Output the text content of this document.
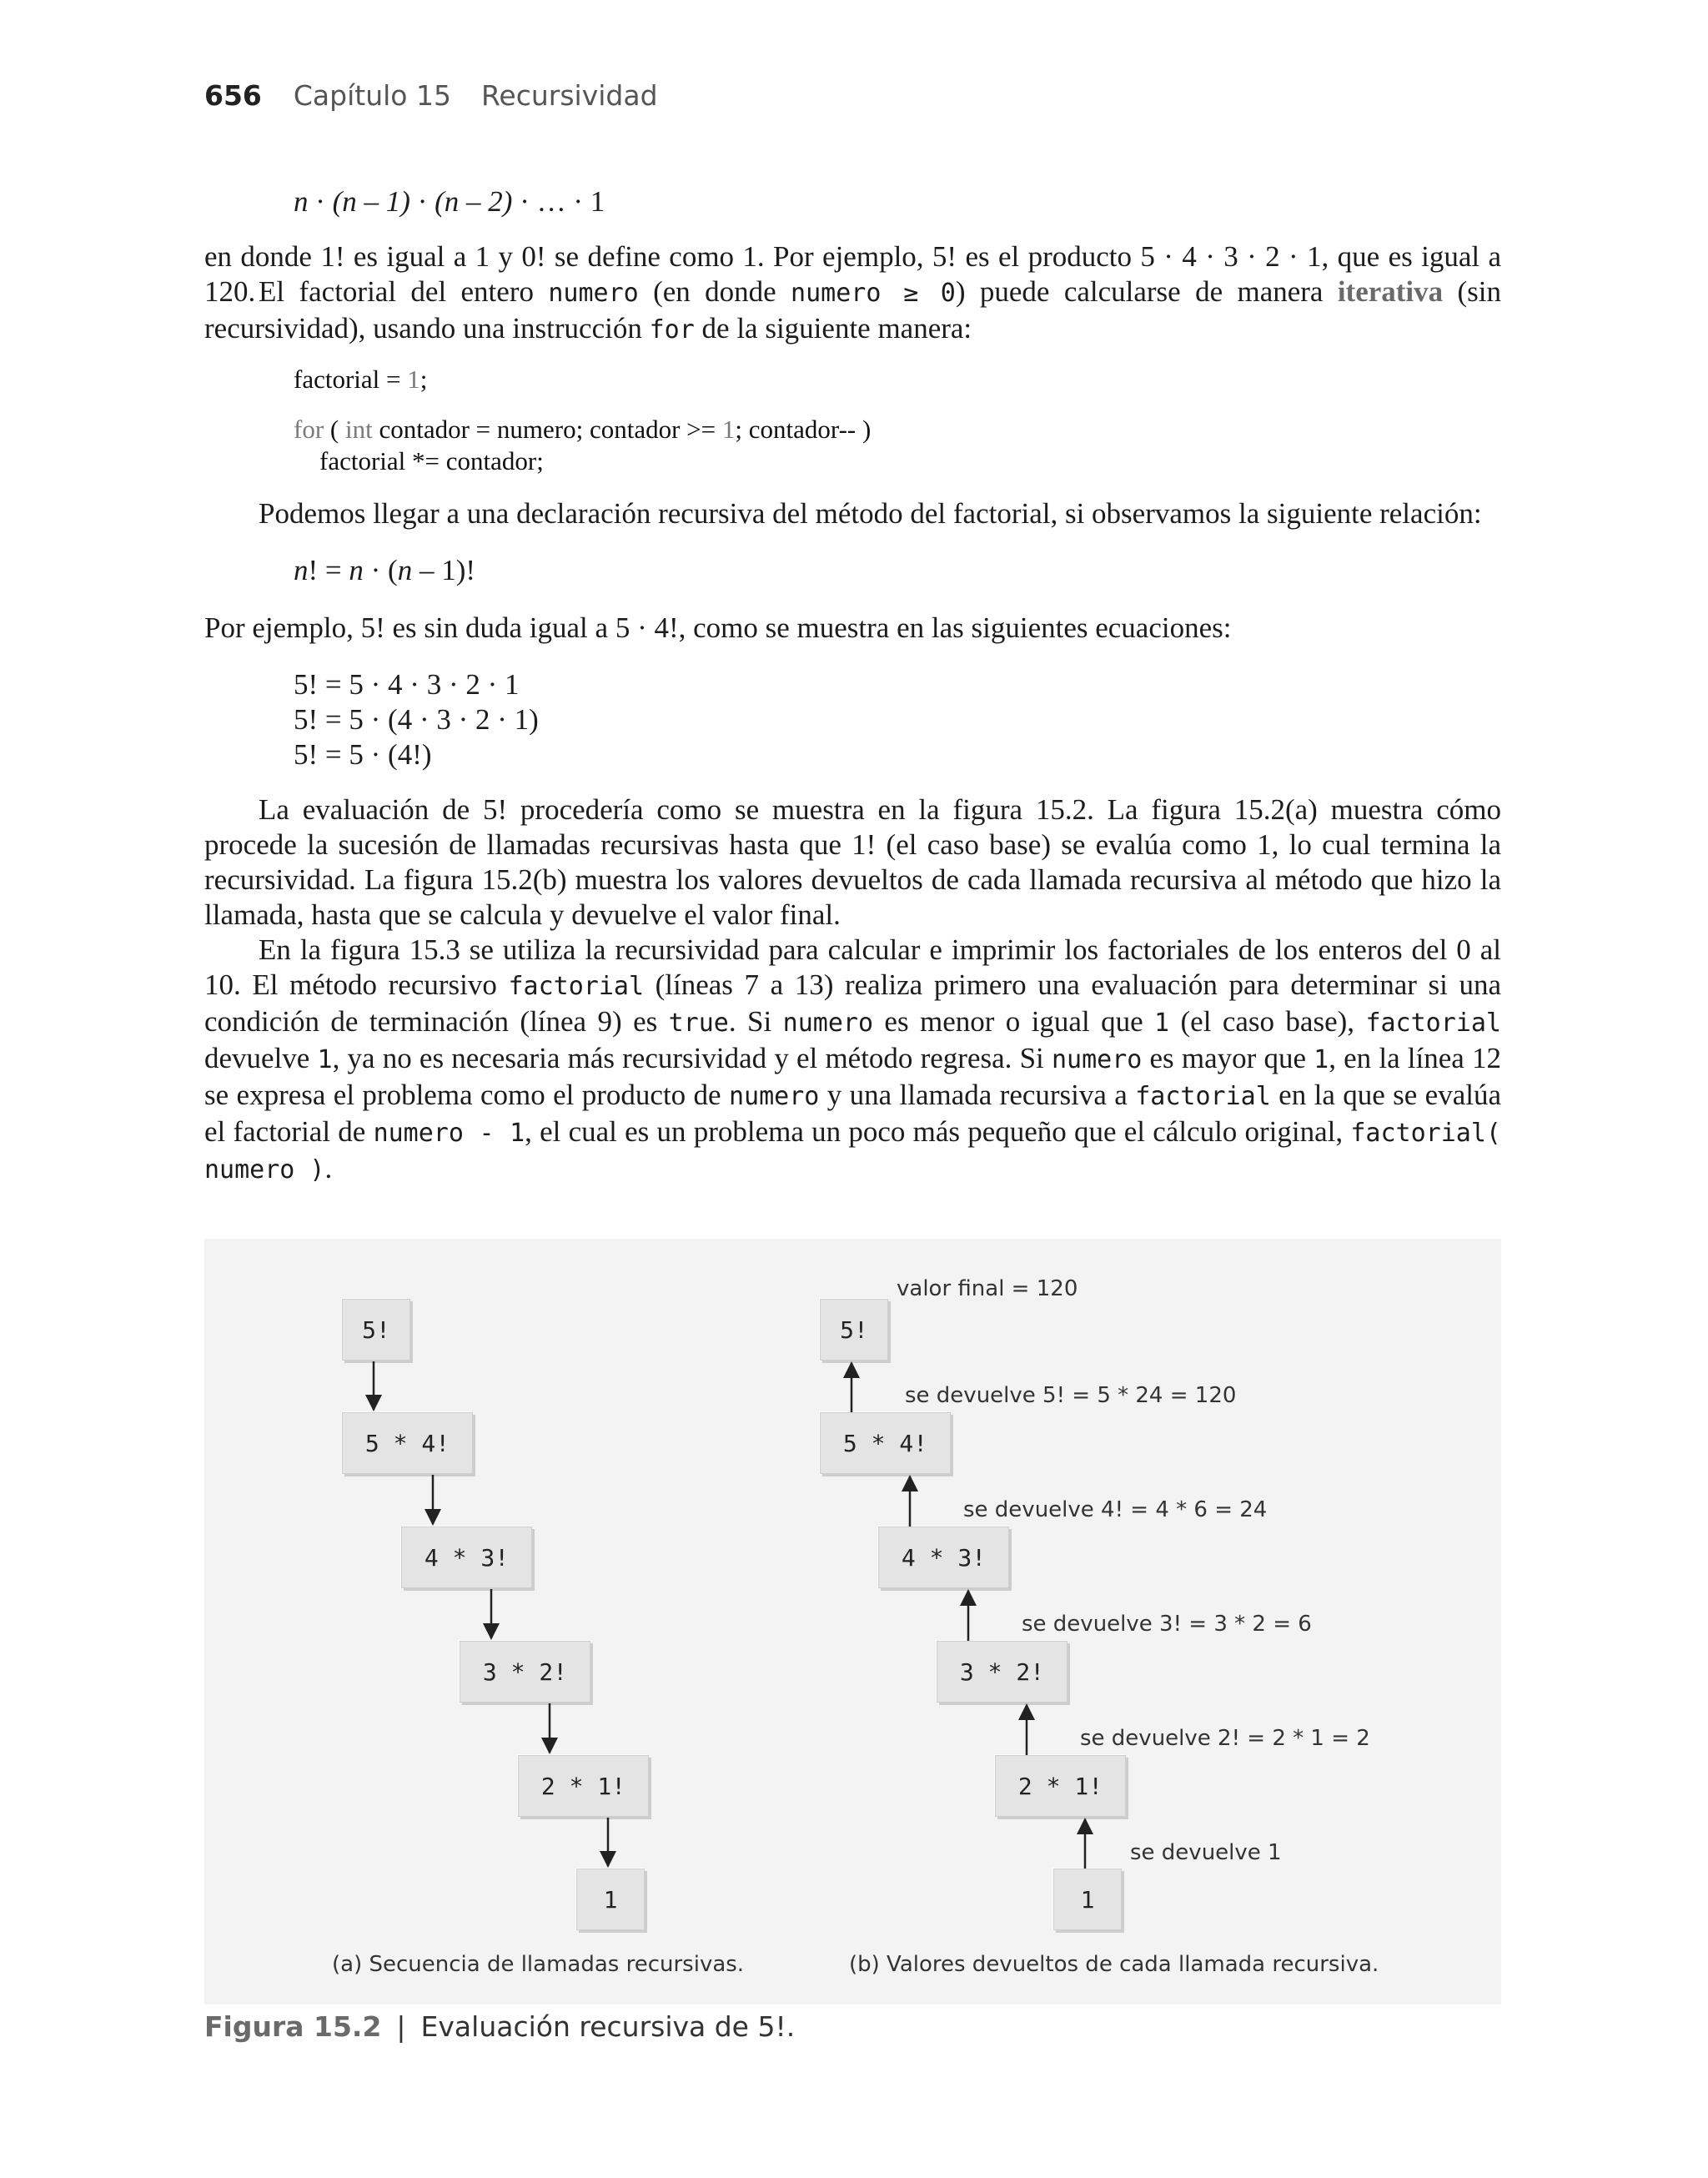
656 Capítulo 15 Recursividad
n · (n – 1) · (n – 2) · … · 1

en donde 1! es igual a 1 y 0! se define como 1. Por ejemplo, 5! es el producto 5 · 4 · 3 · 2 · 1, que es igual a 120. El factorial del entero numero (en donde numero ≥ 0) puede calcularse de manera iterativa (sin recursividad), usando una instrucción for de la siguiente manera:

factorial = 1;
for ( int contador = numero; contador >= 1; contador-- )
factorial *= contador;

Podemos llegar a una declaración recursiva del método del factorial, si observamos la siguiente relación:

n! = n · (n – 1)!

Por ejemplo, 5! es sin duda igual a 5 · 4!, como se muestra en las siguientes ecuaciones:

5! = 5 · 4 · 3 · 2 · 1
5! = 5 · (4 · 3 · 2 · 1)
5! = 5 · (4!)

La evaluación de 5! procedería como se muestra en la figura 15.2. La figura 15.2(a) muestra cómo procede la sucesión de llamadas recursivas hasta que 1! (el caso base) se evalúa como 1, lo cual termina la recursividad. La figura 15.2(b) muestra los valores devueltos de cada llamada recursiva al método que hizo la llamada, hasta que se calcula y devuelve el valor final.

En la figura 15.3 se utiliza la recursividad para calcular e imprimir los factoriales de los enteros del 0 al 10. El método recursivo factorial (líneas 7 a 13) realiza primero una evaluación para determinar si una condición de terminación (línea 9) es true. Si numero es menor o igual que 1 (el caso base), factorial devuelve 1, ya no es necesaria más recursividad y el método regresa. Si numero es mayor que 1, en la línea 12 se expresa el problema como el producto de numero y una llamada recursiva a factorial en la que se evalúa el factorial de numero - 1, el cual es un problema un poco más pequeño que el cálculo original, factorial( numero ).

5!
5 * 4!
4 * 3!
3 * 2!
2 * 1!
1
5!
5 * 4!
4 * 3!
3 * 2!
2 * 1!
1
valor final = 120
se devuelve 5! = 5 * 24 = 120
se devuelve 4! = 4 * 6 = 24
se devuelve 3! = 3 * 2 = 6
se devuelve 2! = 2 * 1 = 2
se devuelve 1
(a) Secuencia de llamadas recursivas.	(b) Valores devueltos de cada llamada recursiva.
Figura 15.2 | Evaluación recursiva de 5!.
